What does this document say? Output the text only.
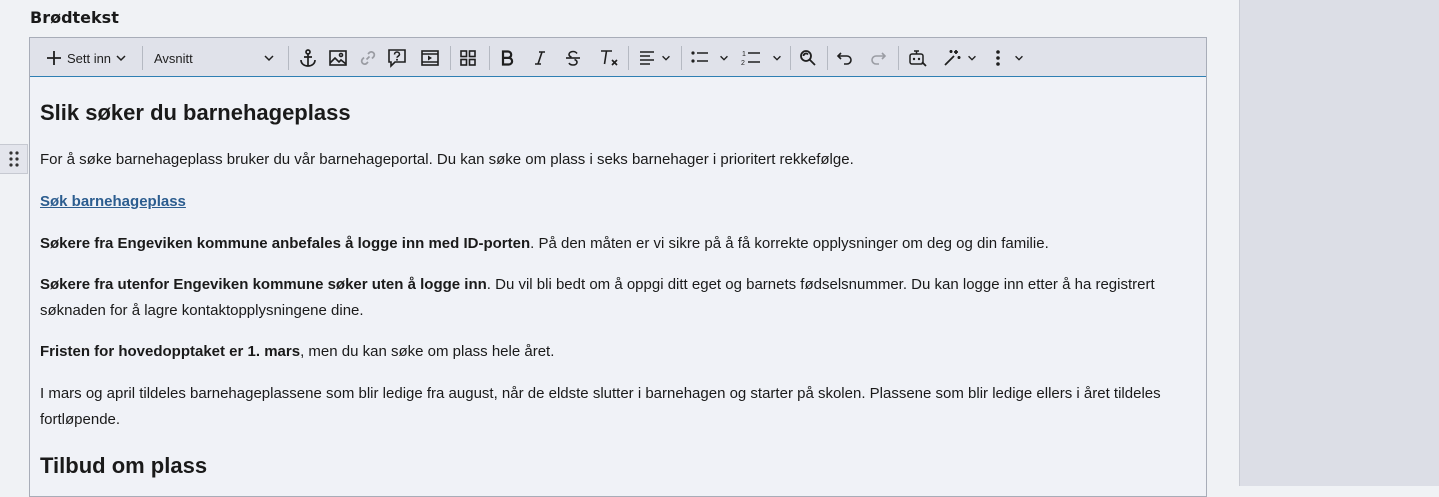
Brødtekst
Sett inn	Avsnitt	1
2
Slik søker du barnehageplass
For å søke barnehageplass bruker du vår barnehageportal. Du kan søke om plass i seks barnehager i prioritert rekkefølge.
Søk barnehageplass
Søkere fra Engeviken kommune anbefales å logge inn med ID-porten. På den måten er vi sikre på å få korrekte opplysninger om deg og din familie.
Søkere fra utenfor Engeviken kommune søker uten å logge inn. Du vil bli bedt om å oppgi ditt eget og barnets fødselsnummer. Du kan logge inn etter å ha registrert søknaden for å lagre kontaktopplysningene dine.
Fristen for hovedopptaket er 1. mars, men du kan søke om plass hele året.
I mars og april tildeles barnehageplassene som blir ledige fra august, når de eldste slutter i barnehagen og starter på skolen. Plassene som blir ledige ellers i året tildeles fortløpende.
Tilbud om plass
